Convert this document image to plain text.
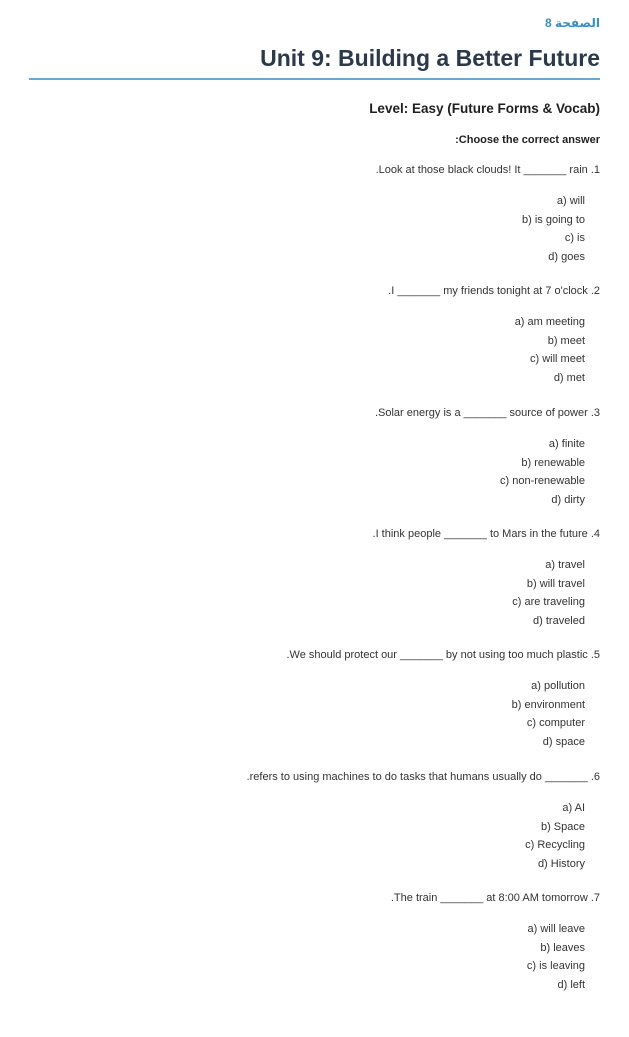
الصفحة 8
Unit 9: Building a Better Future
Level: Easy (Future Forms & Vocab)
:Choose the correct answer
.Look at those black clouds! It _______ rain .1
a) will
b) is going to
c) is
d) goes
.I _______ my friends tonight at 7 o'clock .2
a) am meeting
b) meet
c) will meet
d) met
.Solar energy is a _______ source of power .3
a) finite
b) renewable
c) non-renewable
d) dirty
.I think people _______ to Mars in the future .4
a) travel
b) will travel
c) are traveling
d) traveled
.We should protect our _______ by not using too much plastic .5
a) pollution
b) environment
c) computer
d) space
.refers to using machines to do tasks that humans usually do _______ .6
a) AI
b) Space
c) Recycling
d) History
.The train _______ at 8:00 AM tomorrow .7
a) will leave
b) leaves
c) is leaving
d) left
